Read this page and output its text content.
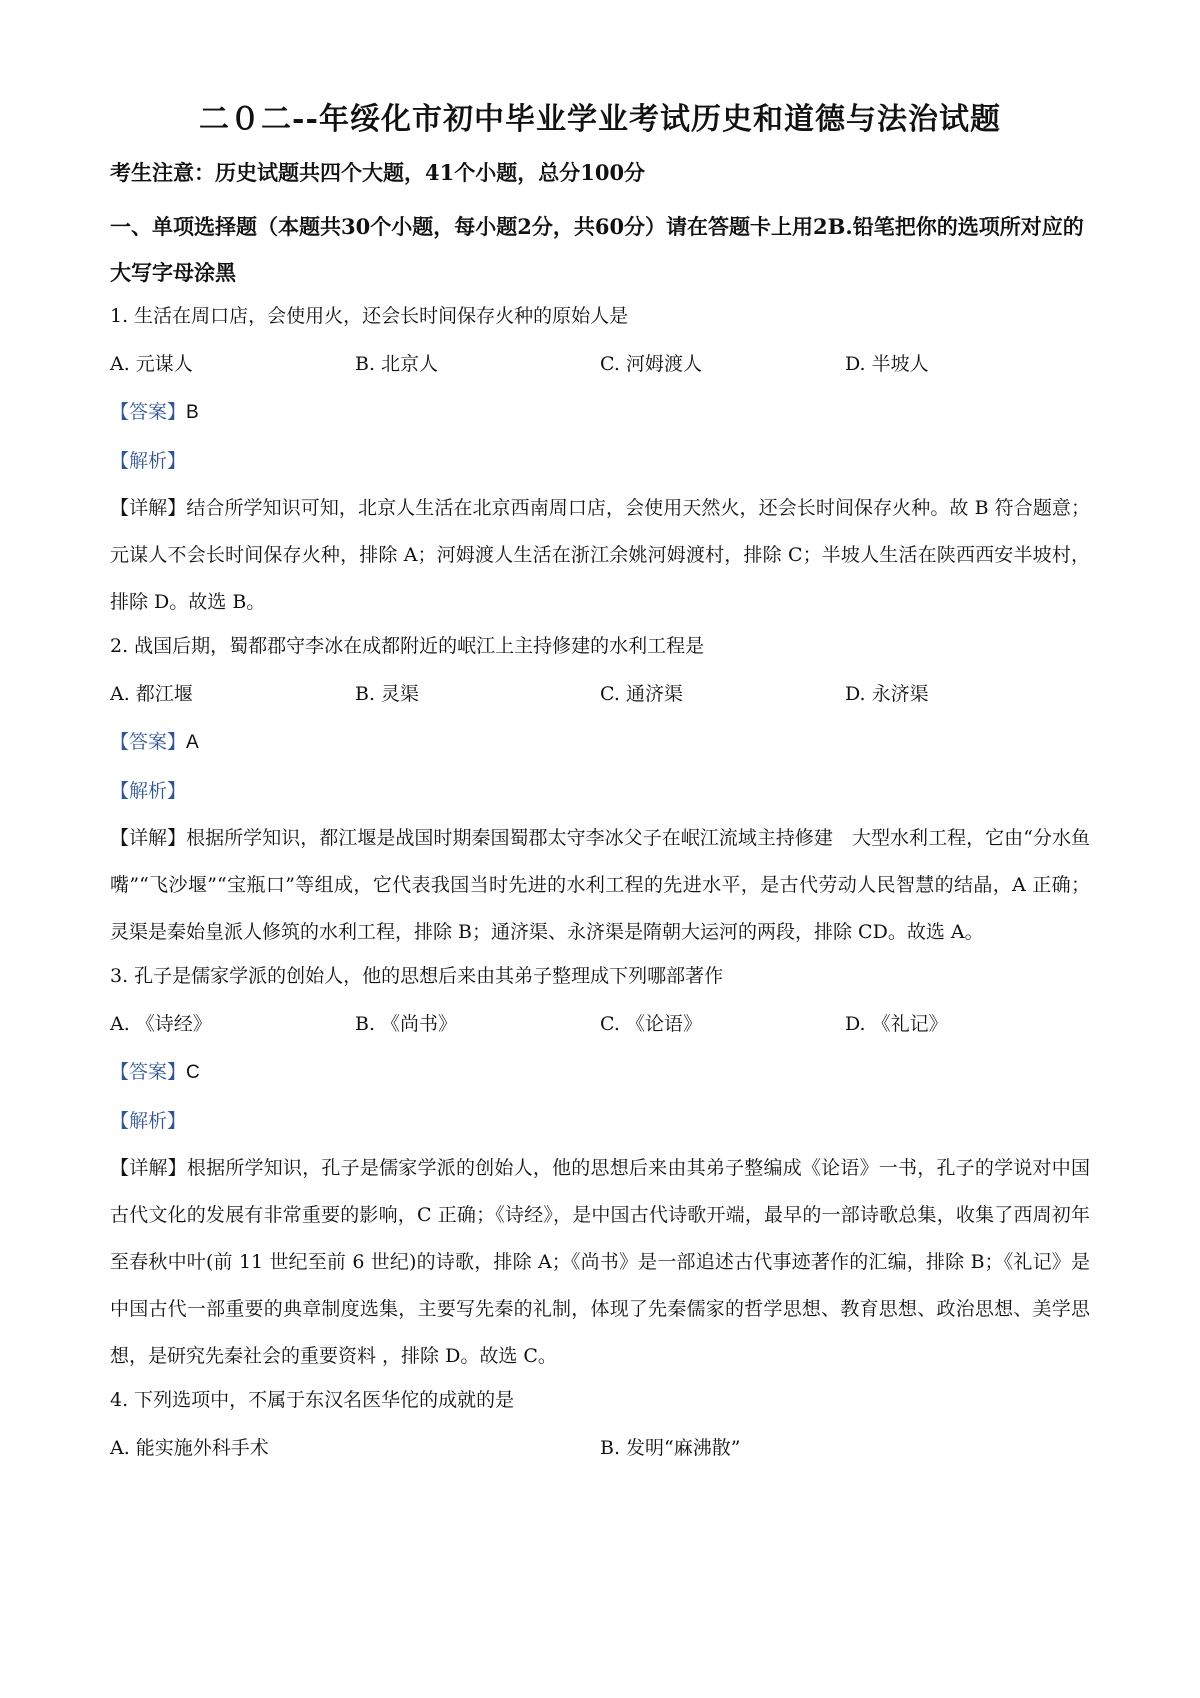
二０二--年绥化市初中毕业学业考试历史和道德与法治试题
考生注意：历史试题共四个大题，41个小题，总分100分
一、单项选择题（本题共30个小题，每小题2分，共60分）请在答题卡上用2B.铅笔把你的选项所对应的大写字母涂黑
1. 生活在周口店，会使用火，还会长时间保存火种的原始人是
A. 元谋人	B. 北京人	C. 河姆渡人	D. 半坡人
【答案】B
【解析】
【详解】结合所学知识可知，北京人生活在北京西南周口店，会使用天然火，还会长时间保存火种。故 B 符合题意；元谋人不会长时间保存火种，排除 A；河姆渡人生活在浙江余姚河姆渡村，排除 C；半坡人生活在陕西西安半坡村，排除 D。故选 B。
2. 战国后期，蜀都郡守李冰在成都附近的岷江上主持修建的水利工程是
A. 都江堰	B. 灵渠	C. 通济渠	D. 永济渠
【答案】A
【解析】
【详解】根据所学知识，都江堰是战国时期秦国蜀郡太守李冰父子在岷江流域主持修建　大型水利工程，它由“分水鱼嘴”“飞沙堰”“宝瓶口”等组成，它代表我国当时先进的水利工程的先进水平，是古代劳动人民智慧的结晶，A 正确；灵渠是秦始皇派人修筑的水利工程，排除 B；通济渠、永济渠是隋朝大运河的两段，排除 CD。故选 A。
3. 孔子是儒家学派的创始人，他的思想后来由其弟子整理成下列哪部著作
A. 《诗经》	B. 《尚书》	C. 《论语》	D. 《礼记》
【答案】C
【解析】
【详解】根据所学知识，孔子是儒家学派的创始人，他的思想后来由其弟子整编成《论语》一书，孔子的学说对中国古代文化的发展有非常重要的影响，C 正确；《诗经》，是中国古代诗歌开端，最早的一部诗歌总集，收集了西周初年至春秋中叶(前 11 世纪至前 6 世纪)的诗歌，排除 A；《尚书》是一部追述古代事迹著作的汇编，排除 B；《礼记》是中国古代一部重要的典章制度选集，主要写先秦的礼制，体现了先秦儒家的哲学思想、教育思想、政治思想、美学思想，是研究先秦社会的重要资料 ，排除 D。故选 C。
4. 下列选项中，不属于东汉名医华佗的成就的是
A. 能实施外科手术	B. 发明“麻沸散”
